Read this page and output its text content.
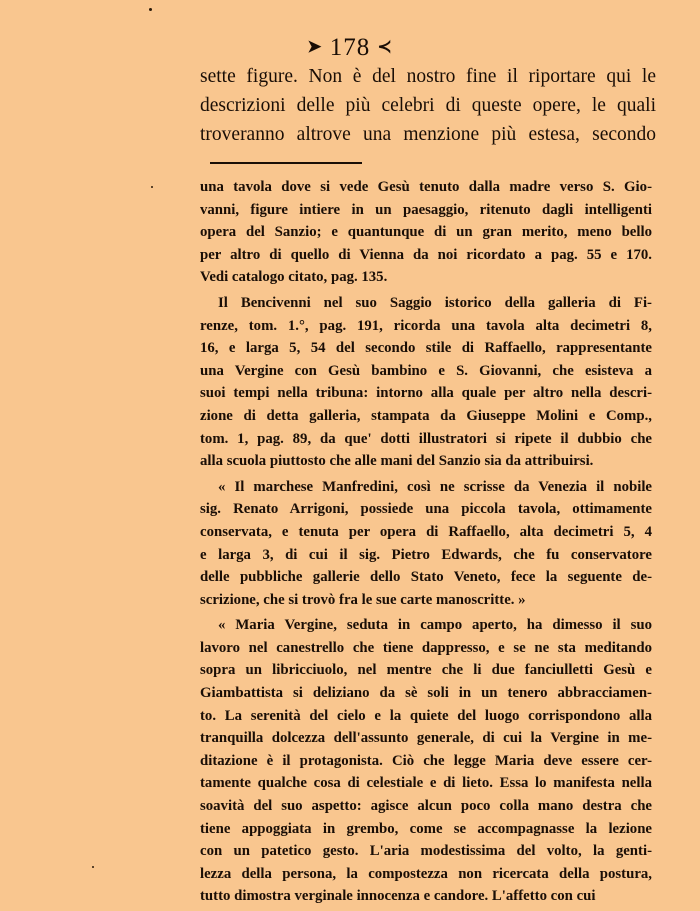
➤ 178 ≺
sette figure. Non è del nostro fine il riportare qui le
descrizioni delle più celebri di queste opere, le quali
troveranno altrove una menzione più estesa, secondo

una tavola dove si vede Gesù tenuto dalla madre verso S. Gio-
vanni, figure intiere in un paesaggio, ritenuto dagli intelligenti
opera del Sanzio; e quantunque di un gran merito, meno bello
per altro di quello di Vienna da noi ricordato a pag. 55 e 170.
Vedi catalogo citato, pag. 135.

Il Bencivenni nel suo Saggio istorico della galleria di Fi-
renze, tom. 1.°, pag. 191, ricorda una tavola alta decimetri 8,
16, e larga 5, 54 del secondo stile di Raffaello, rappresentante
una Vergine con Gesù bambino e S. Giovanni, che esisteva a
suoi tempi nella tribuna: intorno alla quale per altro nella descri-
zione di detta galleria, stampata da Giuseppe Molini e Comp.,
tom. 1, pag. 89, da que' dotti illustratori si ripete il dubbio che
alla scuola piuttosto che alle mani del Sanzio sia da attribuirsi.

« Il marchese Manfredini, così ne scrisse da Venezia il nobile
sig. Renato Arrigoni, possiede una piccola tavola, ottimamente
conservata, e tenuta per opera di Raffaello, alta decimetri 5, 4
e larga 3, di cui il sig. Pietro Edwards, che fu conservatore
delle pubbliche gallerie dello Stato Veneto, fece la seguente de-
scrizione, che si trovò fra le sue carte manoscritte. »

« Maria Vergine, seduta in campo aperto, ha dimesso il suo
lavoro nel canestrello che tiene dappresso, e se ne sta meditando
sopra un libricciuolo, nel mentre che li due fanciulletti Gesù e
Giambattista si deliziano da sè soli in un tenero abbracciamen-
to. La serenità del cielo e la quiete del luogo corrispondono alla
tranquilla dolcezza dell'assunto generale, di cui la Vergine in me-
ditazione è il protagonista. Ciò che legge Maria deve essere cer-
tamente qualche cosa di celestiale e di lieto. Essa lo manifesta nella
soavità del suo aspetto: agisce alcun poco colla mano destra che
tiene appoggiata in grembo, come se accompagnasse la lezione
con un patetico gesto. L'aria modestissima del volto, la genti-
lezza della persona, la compostezza non ricercata della postura,
tutto dimostra verginale innocenza e candore. L'affetto con cui
